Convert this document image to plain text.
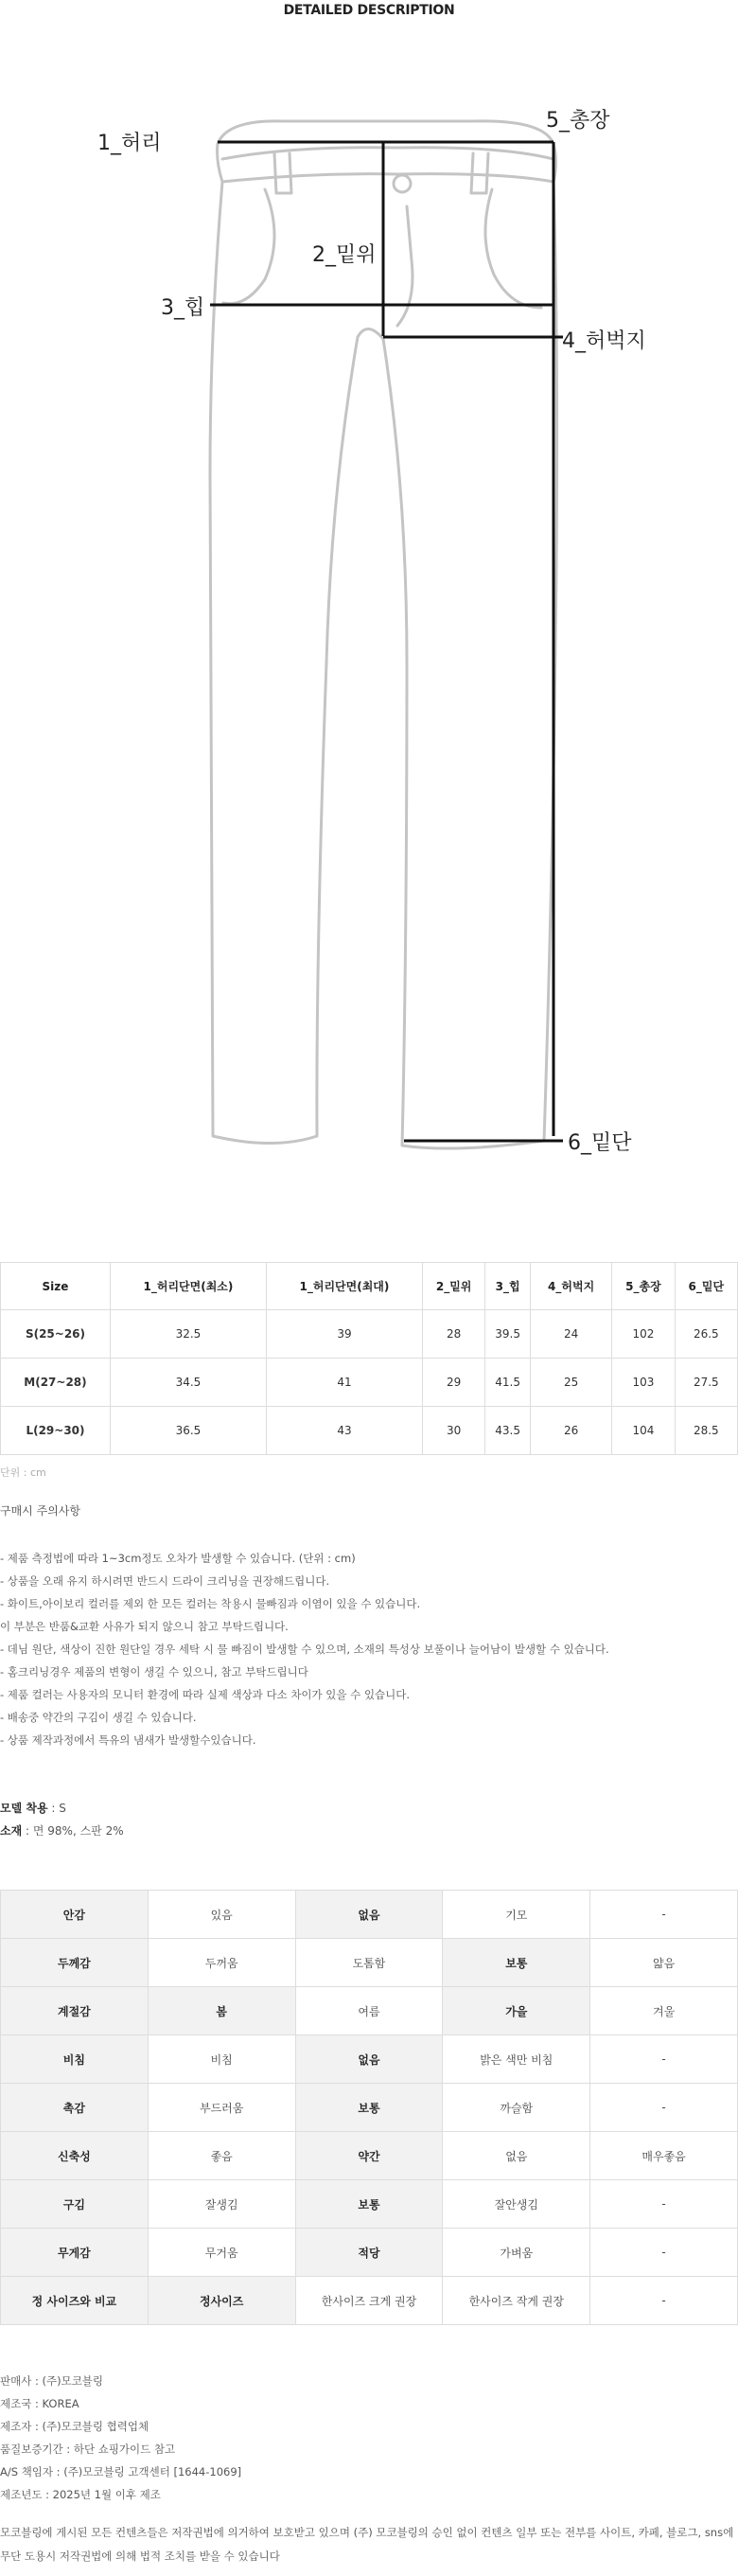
DETAILED DESCRIPTION
1_허리
2_밑위
3_힙
4_허벅지
5_총장
6_밑단
Size	1_허리단면(최소)	1_허리단면(최대)	2_밑위	3_힙	4_허벅지	5_총장	6_밑단
S(25~26)	32.5	39	28	39.5	24	102	26.5
M(27~28)	34.5	41	29	41.5	25	103	27.5
L(29~30)	36.5	43	30	43.5	26	104	28.5
단위 : cm
구매시 주의사항
- 제품 측정법에 따라 1~3cm정도 오차가 발생할 수 있습니다. (단위 : cm)
- 상품을 오래 유지 하시려면 반드시 드라이 크리닝을 권장해드립니다.
- 화이트,아이보리 컬러를 제외 한 모든 컬러는 착용시 물빠짐과 이염이 있을 수 있습니다.
이 부분은 반품&교환 사유가 되지 않으니 참고 부탁드립니다.
- 데님 원단, 색상이 진한 원단일 경우 세탁 시 물 빠짐이 발생할 수 있으며, 소재의 특성상 보풀이나 늘어남이 발생할 수 있습니다.
- 홈크리닝경우 제품의 변형이 생길 수 있으니, 참고 부탁드립니다
- 제품 컬러는 사용자의 모니터 환경에 따라 실제 색상과 다소 차이가 있을 수 있습니다.
- 배송중 약간의 구김이 생길 수 있습니다.
- 상품 제작과정에서 특유의 냄새가 발생할수있습니다.
모델 착용 : S
소재 : 면 98%, 스판 2%
안감	있음	없음	기모	-
두께감	두꺼움	도톰함	보통	얇음
계절감	봄	여름	가을	겨울
비침	비침	없음	밝은 색만 비침	-
촉감	부드러움	보통	까슬함	-
신축성	좋음	약간	없음	매우좋음
구김	잘생김	보통	잘안생김	-
무게감	무거움	적당	가벼움	-
정 사이즈와 비교	정사이즈	한사이즈 크게 권장	한사이즈 작게 권장	-
판매사 : (주)모코블링
제조국 : KOREA
제조자 : (주)모코블링 협력업체
품질보증기간 : 하단 쇼핑가이드 참고
A/S 책임자 : (주)모코블링 고객센터 [1644-1069]
제조년도 : 2025년 1월 이후 제조
모코블링에 게시된 모든 컨텐츠들은 저작권법에 의거하여 보호받고 있으며 (주) 모코블링의 승인 없이 컨텐츠 일부 또는 전부를 사이트, 카페, 블로그, sns에
무단 도용시 저작권법에 의해 법적 조치를 받을 수 있습니다
